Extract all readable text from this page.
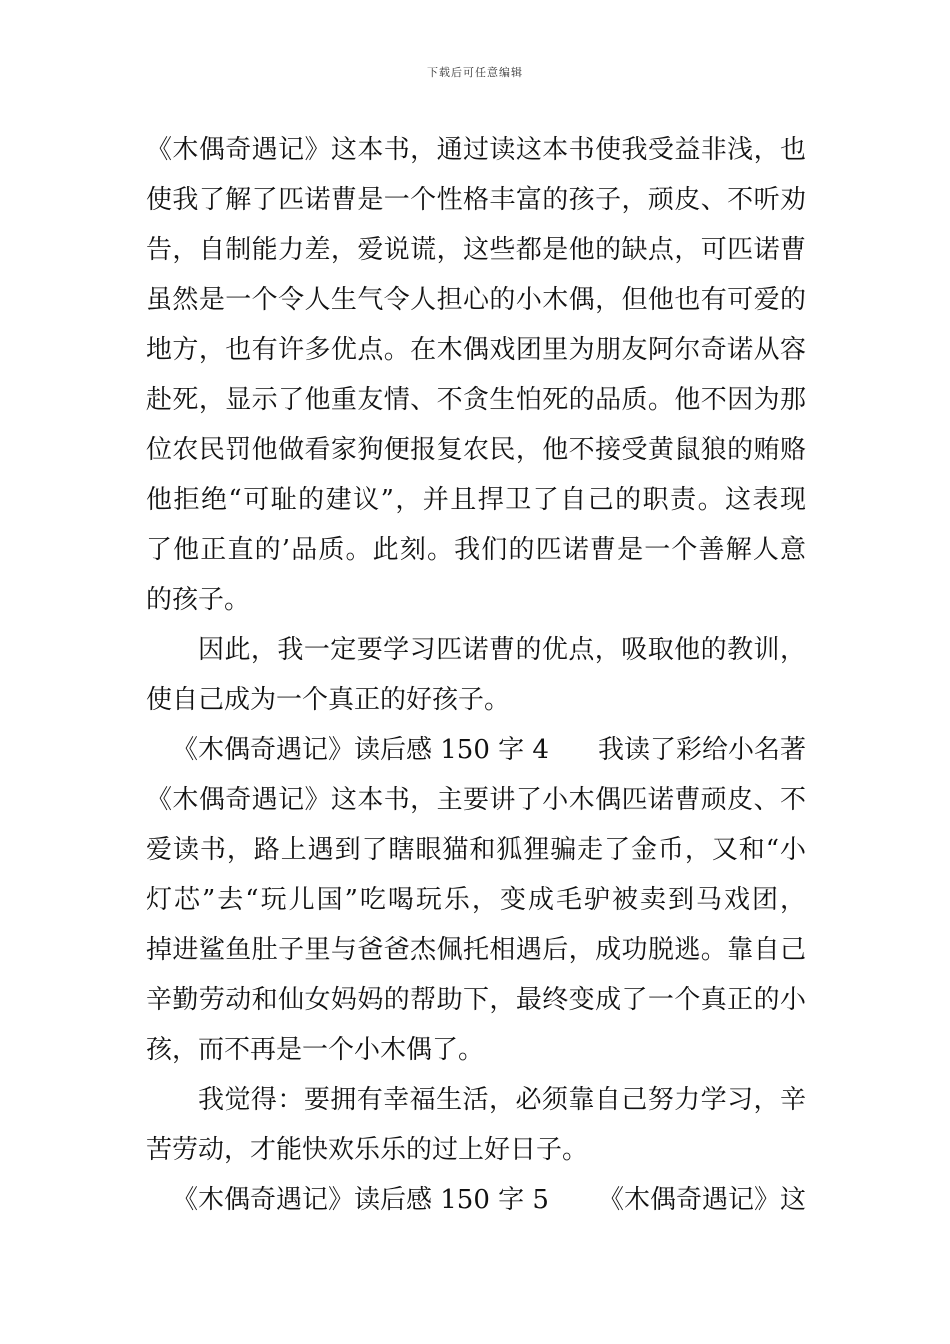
下载后可任意编辑
《木偶奇遇记》这本书，通过读这本书使我受益非浅，也
使我了解了匹诺曹是一个性格丰富的孩子，顽皮、不听劝
告，自制能力差，爱说谎，这些都是他的缺点，可匹诺曹
虽然是一个令人生气令人担心的小木偶，但他也有可爱的
地方，也有许多优点。在木偶戏团里为朋友阿尔奇诺从容
赴死，显示了他重友情、不贪生怕死的品质。他不因为那
位农民罚他做看家狗便报复农民，他不接受黄鼠狼的贿赂
他拒绝“可耻的建议”，并且捍卫了自己的职责。这表现
了他正直的’品质。此刻。我们的匹诺曹是一个善解人意
的孩子。
因此，我一定要学习匹诺曹的优点，吸取他的教训，
使自己成为一个真正的好孩子。
《木偶奇遇记》读后感 150 字 4 我读了彩给小名著
《木偶奇遇记》这本书，主要讲了小木偶匹诺曹顽皮、不
爱读书，路上遇到了瞎眼猫和狐狸骗走了金币，又和“小
灯芯”去“玩儿国”吃喝玩乐，变成毛驴被卖到马戏团，
掉进鲨鱼肚子里与爸爸杰佩托相遇后，成功脱逃。靠自己
辛勤劳动和仙女妈妈的帮助下，最终变成了一个真正的小
孩，而不再是一个小木偶了。
我觉得：要拥有幸福生活，必须靠自己努力学习，辛
苦劳动，才能快欢乐乐的过上好日子。
《木偶奇遇记》读后感 150 字 5 《木偶奇遇记》这
